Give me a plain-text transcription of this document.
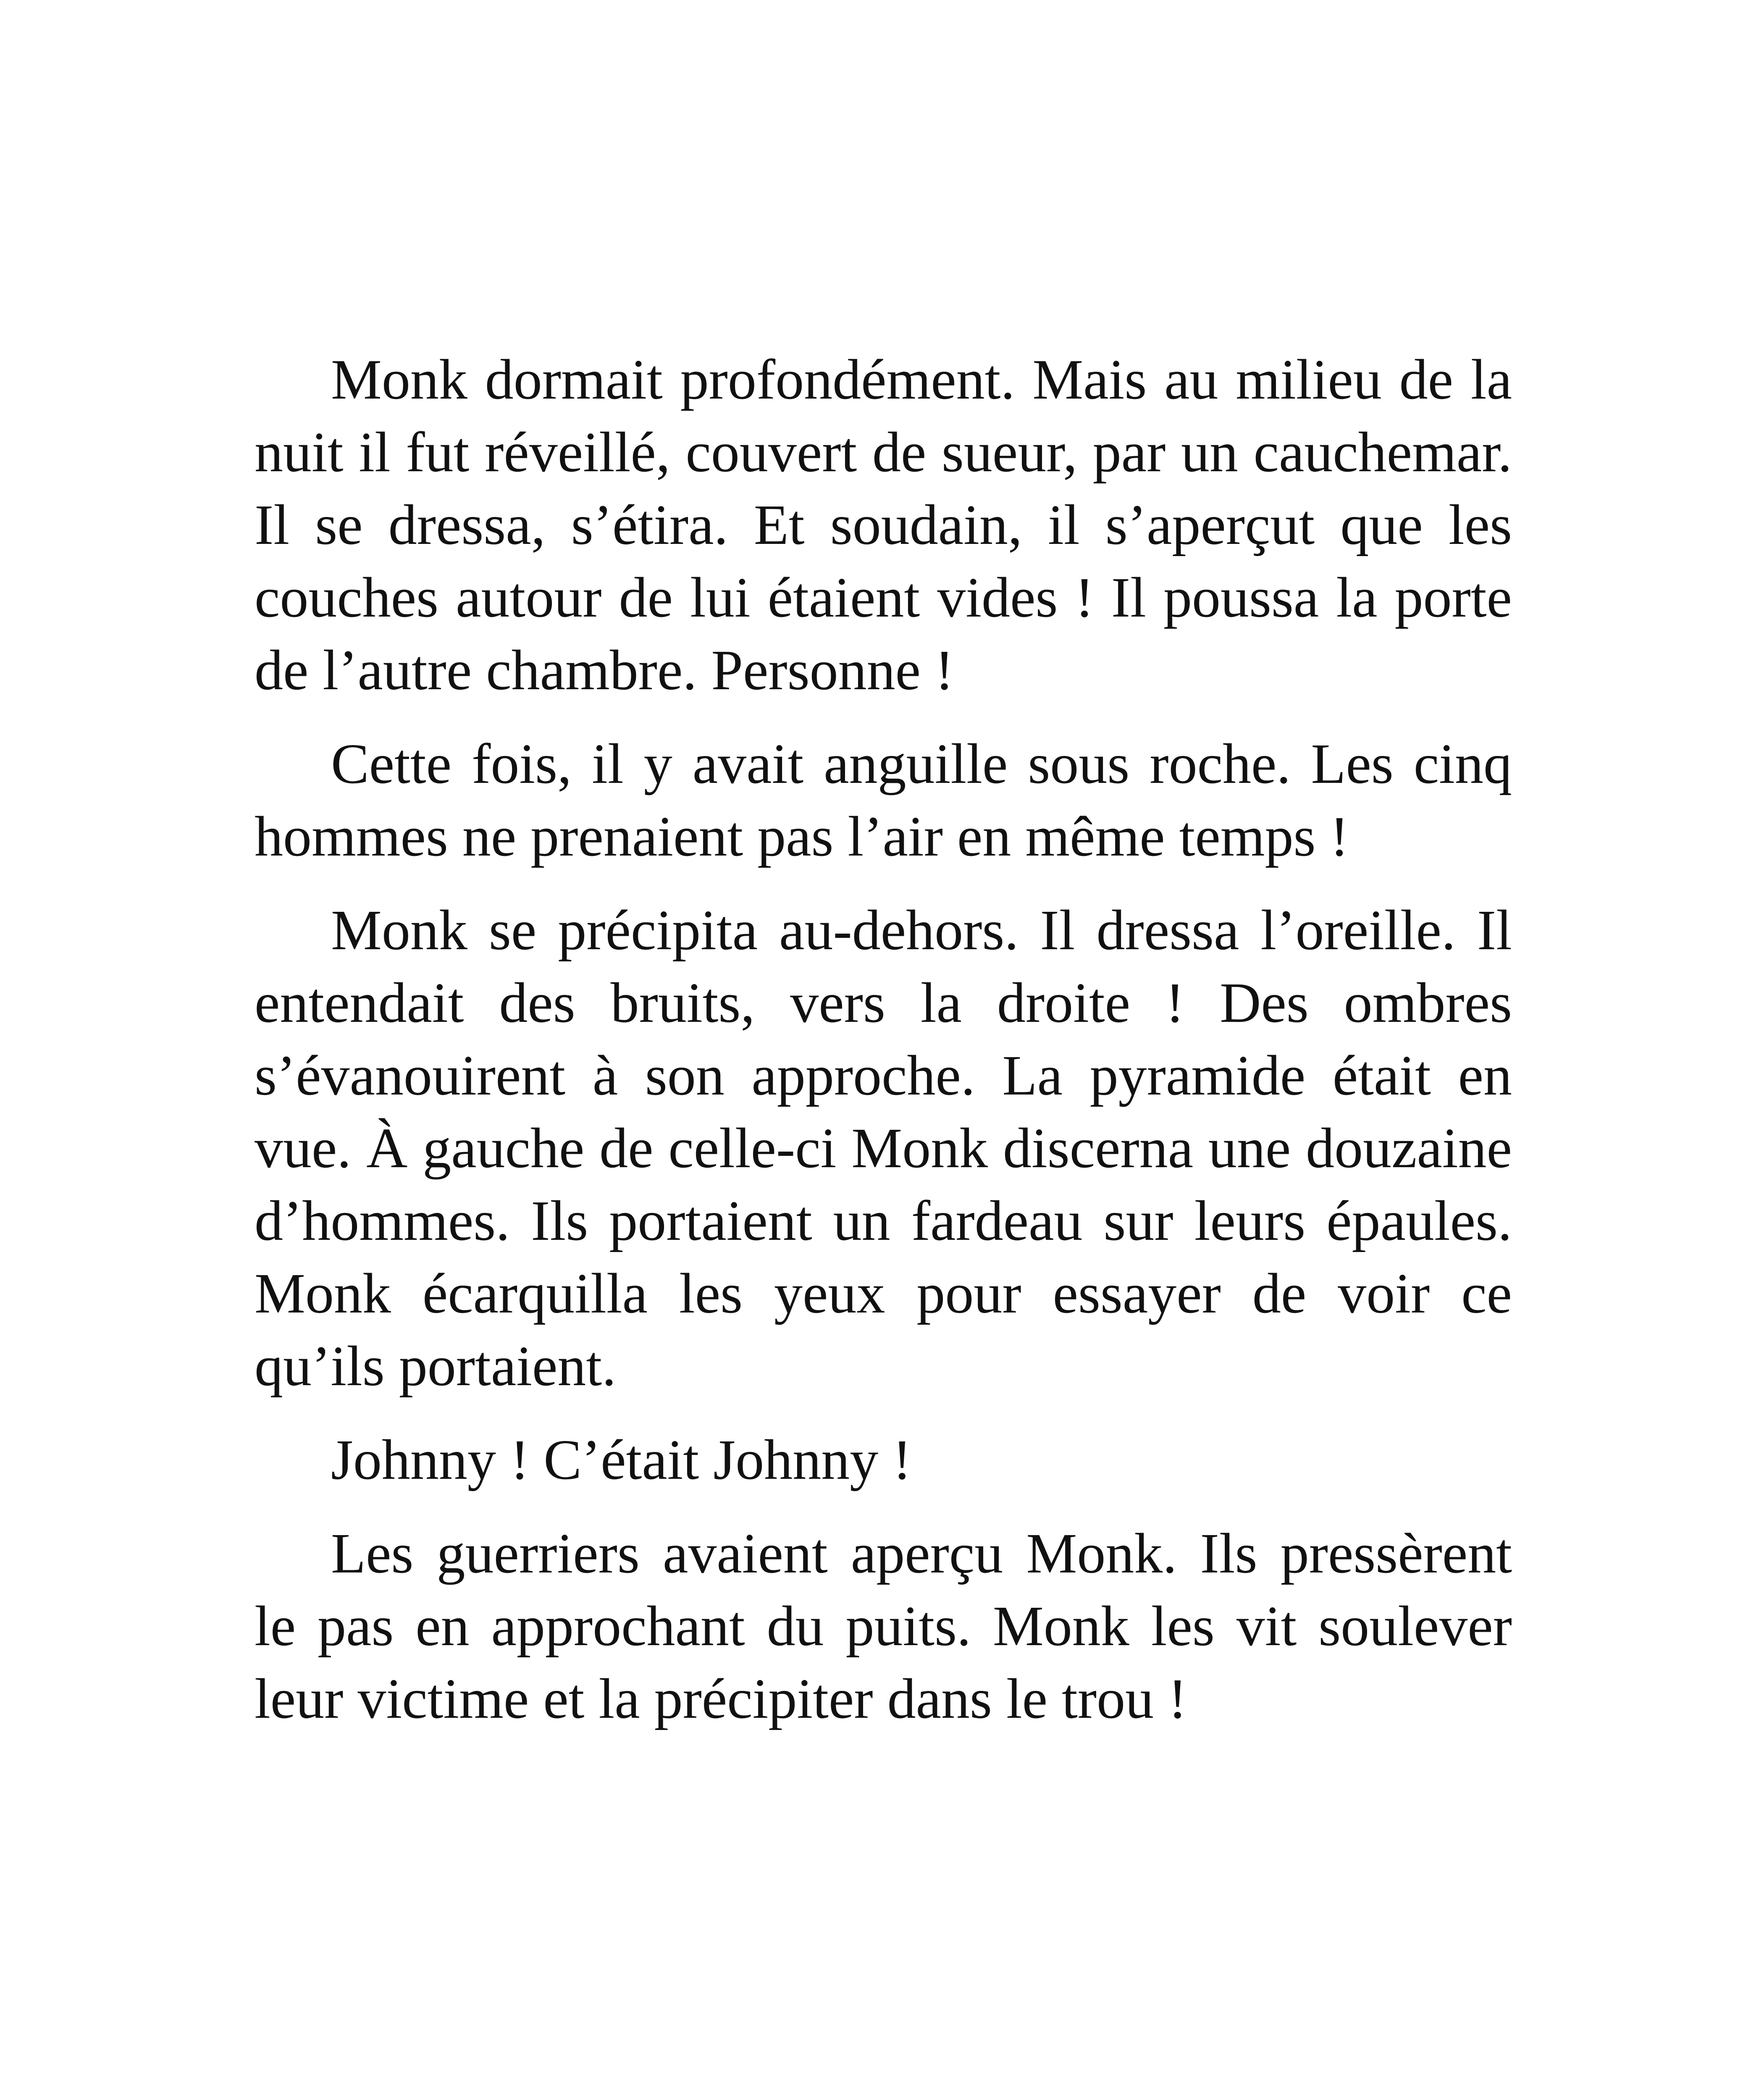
Monk dormait profondément. Mais au milieu de la nuit il fut réveillé, couvert de sueur, par un cauchemar. Il se dressa, s’étira. Et soudain, il s’aperçut que les couches autour de lui étaient vides ! Il poussa la porte de l’autre chambre. Personne !

Cette fois, il y avait anguille sous roche. Les cinq hommes ne prenaient pas l’air en même temps !

Monk se précipita au-dehors. Il dressa l’oreille. Il entendait des bruits, vers la droite ! Des ombres s’évanouirent à son approche. La pyramide était en vue. À gauche de celle-ci Monk discerna une douzaine d’hommes. Ils portaient un fardeau sur leurs épaules. Monk écarquilla les yeux pour essayer de voir ce qu’ils portaient.

Johnny ! C’était Johnny !

Les guerriers avaient aperçu Monk. Ils pressèrent le pas en approchant du puits. Monk les vit soulever leur victime et la précipiter dans le trou !
